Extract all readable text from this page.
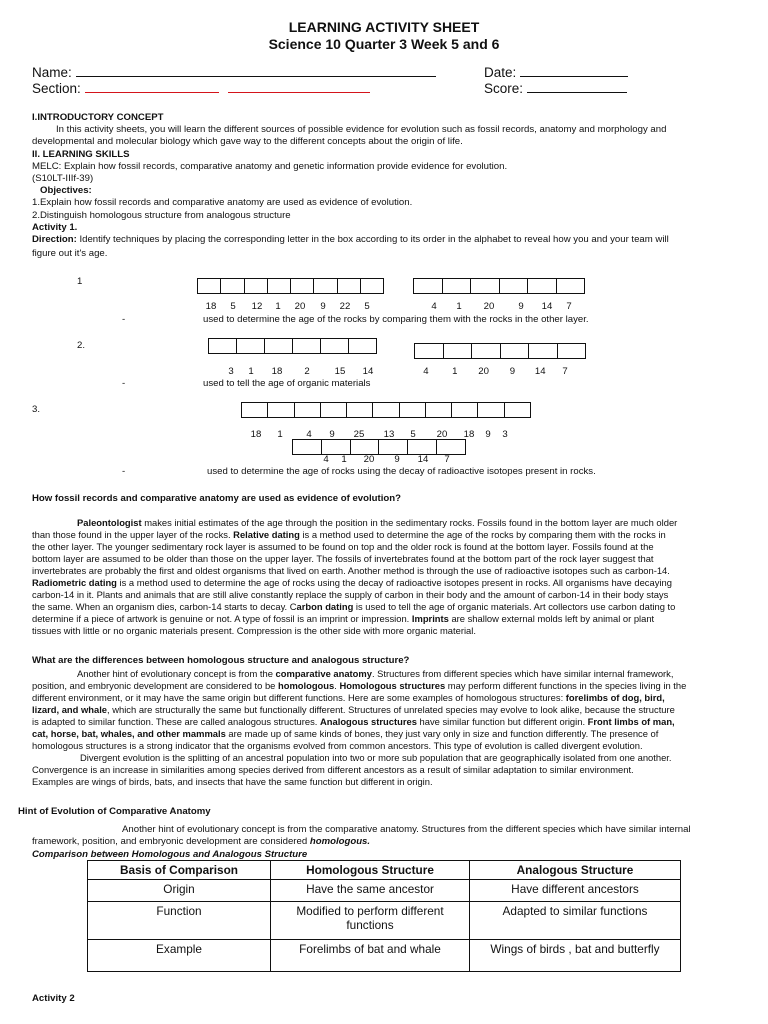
LEARNING ACTIVITY SHEET
Science 10 Quarter 3 Week 5 and 6
Name:	Date:
Section:	Score:
I.INTRODUCTORY CONCEPT
In this activity sheets, you will learn the different sources of possible evidence for evolution such as fossil records, anatomy and morphology and
developmental and molecular biology which gave way to the different concepts about the origin of life.
II. LEARNING SKILLS
MELC: Explain how fossil records, comparative anatomy and genetic information provide evidence for evolution.
(S10LT-IIIf-39)
Objectives:
1.Explain how fossil records and comparative anatomy are used as evidence of evolution.
2.Distinguish homologous structure from analogous structure
Activity 1.
Direction: Identify techniques by placing the corresponding letter in the box according to its order in the alphabet to reveal how you and your team will
figure out it's age.
1
18	5	12	1	20	9	22	5	4	1	20	9	14	7
-	used to determine the age of the rocks by comparing them with the rocks in the other layer.
2.
3	1	18	2	15	14	4	1	20	9	14	7
-	used to tell the age of organic materials
3.
18	1	4	9	25	13	5	20	18	9	3
4	1	20	9	14	7
-	used to determine the age of rocks using the decay of radioactive isotopes present in rocks.
How fossil records and comparative anatomy are used as evidence of evolution?
Paleontologist makes initial estimates of the age through the position in the sedimentary rocks. Fossils found in the bottom layer are much older
than those found in the upper layer of the rocks. Relative dating is a method used to determine the age of the rocks by comparing them with the rocks in
the other layer. The younger sedimentary rock layer is assumed to be found on top and the older rock is found at the bottom layer. Fossils found at the
bottom layer are assumed to be older than those on the upper layer. The fossils of invertebrates found at the bottom part of the rock layer suggest that
invertebrates are probably the first and oldest organisms that lived on earth. Another method is through the use of radioactive isotopes such as carbon-14.
Radiometric dating is a method used to determine the age of rocks using the decay of radioactive isotopes present in rocks. All organisms have decaying
carbon-14 in it. Plants and animals that are still alive constantly replace the supply of carbon in their body and the amount of carbon-14 in their body stays
the same. When an organism dies, carbon-14 starts to decay. Carbon dating is used to tell the age of organic materials. Art collectors use carbon dating to
determine if a piece of artwork is genuine or not. A type of fossil is an imprint or impression. Imprints are shallow external molds left by animal or plant
tissues with little or no organic materials present. Compression is the other side with more organic material.
What are the differences between homologous structure and analogous structure?
Another hint of evolutionary concept is from the comparative anatomy. Structures from different species which have similar internal framework,
position, and embryonic development are considered to be homologous. Homologous structures may perform different functions in the species living in the
different environment, or it may have the same origin but different functions. Here are some examples of homologous structures: forelimbs of dog, bird,
lizard, and whale, which are structurally the same but functionally different. Structures of unrelated species may evolve to look alike, because the structure
is adapted to similar function. These are called analogous structures. Analogous structures have similar function but different origin. Front limbs of man,
cat, horse, bat, whales, and other mammals are made up of same kinds of bones, they just vary only in size and function differently. The presence of
homologous structures is a strong indicator that the organisms evolved from common ancestors. This type of evolution is called divergent evolution.
Divergent evolution is the splitting of an ancestral population into two or more sub population that are geographically isolated from one another.
Convergence is an increase in similarities among species derived from different ancestors as a result of similar adaptation to similar environment.
Examples are wings of birds, bats, and insects that have the same function but different in origin.
Hint of Evolution of Comparative Anatomy
Another hint of evolutionary concept is from the comparative anatomy. Structures from the different species which have similar internal
framework, position, and embryonic development are considered homologous.
Comparison between Homologous and Analogous Structure
Basis of Comparison	Homologous Structure	Analogous Structure
Origin	Have the same ancestor	Have different ancestors
Function	Modified to perform different functions	Adapted to similar functions
Example	Forelimbs of bat and whale	Wings of birds , bat and butterfly
Activity 2
